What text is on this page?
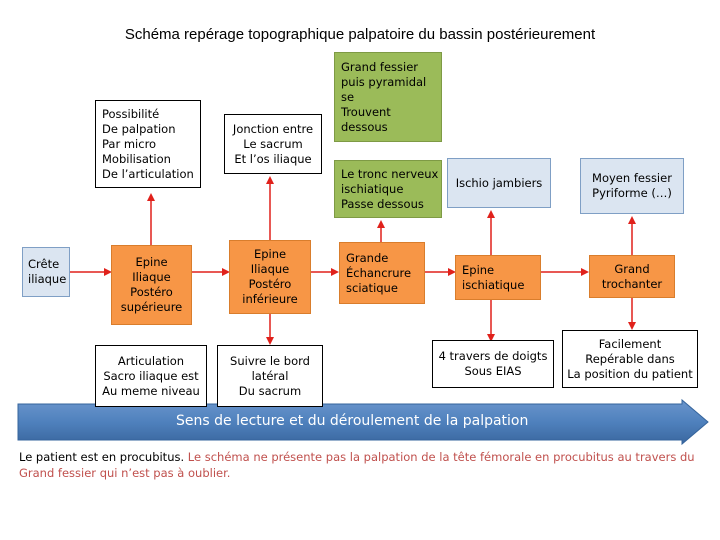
Schéma repérage topographique palpatoire du bassin postérieurement
Possibilité
De palpation
Par micro
Mobilisation
De l’articulation
Jonction entre
Le sacrum
Et l’os iliaque
Grand fessier
puis pyramidal
se
Trouvent
dessous
Le tronc nerveux
ischiatique
Passe dessous
Ischio jambiers	Moyen fessier
Pyriforme (…)
Crête
iliaque
Epine
Iliaque
Postéro
supérieure
Epine
Iliaque
Postéro
inférieure
Grande
Échancrure
sciatique
Epine
ischiatique
Grand
trochanter
Articulation
Sacro iliaque est
Au meme niveau
Suivre le bord
latéral
Du sacrum
4 travers de doigts
Sous EIAS
Facilement
Repérable dans
La position du patient
Sens de lecture et du déroulement de la palpation
Le patient est en procubitus. Le schéma ne présente pas la palpation de la tête fémorale en procubitus au travers du Grand fessier qui n’est pas à oublier.
